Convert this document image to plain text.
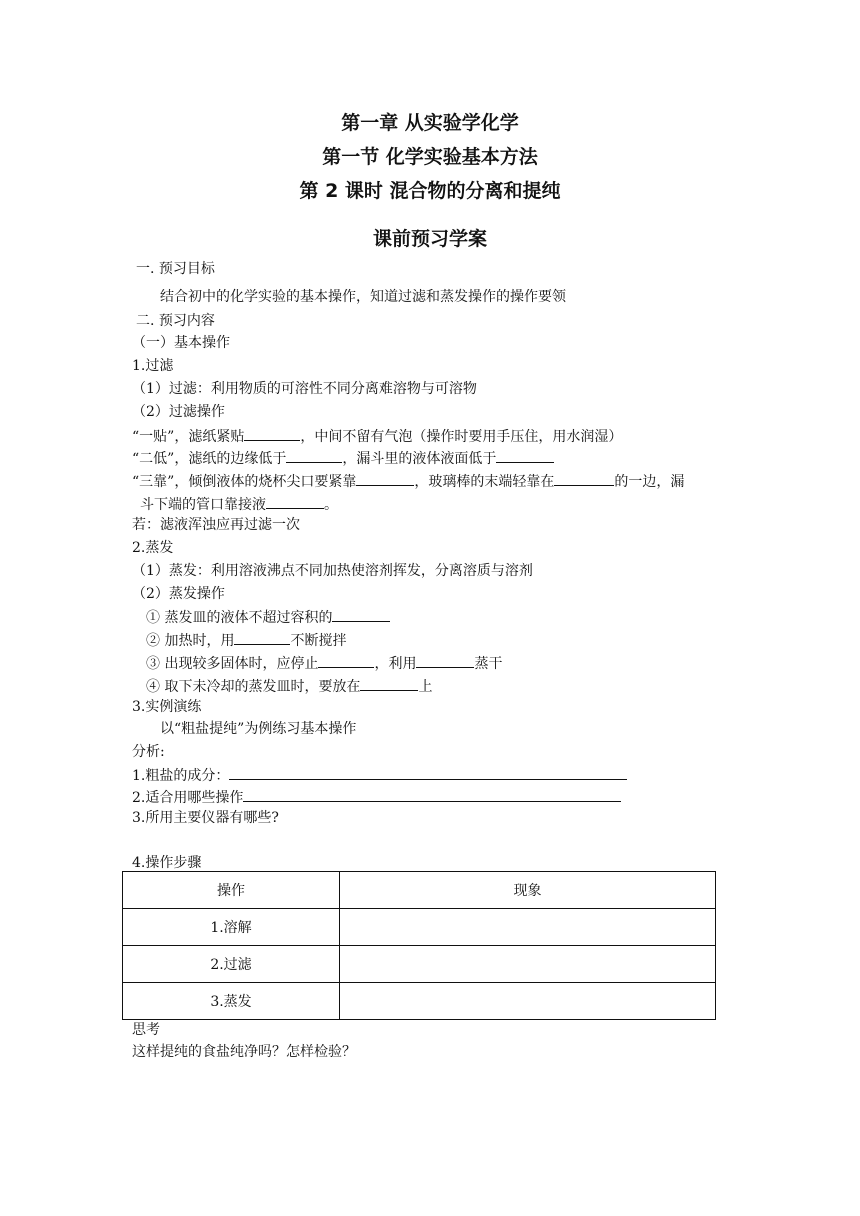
第一章 从实验学化学
第一节 化学实验基本方法
第 2 课时 混合物的分离和提纯
课前预习学案
一. 预习目标
结合初中的化学实验的基本操作，知道过滤和蒸发操作的操作要领
二. 预习内容
（一）基本操作
1.过滤
（1）过滤：利用物质的可溶性不同分离难溶物与可溶物
（2）过滤操作
“一贴”，滤纸紧贴	，中间不留有气泡（操作时要用手压住，用水润湿）
“二低”，滤纸的边缘低于	，漏斗里的液体液面低于
“三靠”，倾倒液体的烧杯尖口要紧靠	，玻璃棒的末端轻靠在	的一边，漏
斗下端的管口靠接液	。
若：滤液浑浊应再过滤一次
2.蒸发
（1）蒸发：利用溶液沸点不同加热使溶剂挥发，分离溶质与溶剂
（2）蒸发操作
① 蒸发皿的液体不超过容积的
② 加热时，用	不断搅拌
③ 出现较多固体时，应停止	，利用	蒸干
④ 取下未冷却的蒸发皿时，要放在	上
3.实例演练
以“粗盐提纯”为例练习基本操作
分析:
1.粗盐的成分：
2.适合用哪些操作
3.所用主要仪器有哪些?
4.操作步骤
操作	现象
1.溶解	
2.过滤	
3.蒸发	
思考
这样提纯的食盐纯净吗？怎样检验？
